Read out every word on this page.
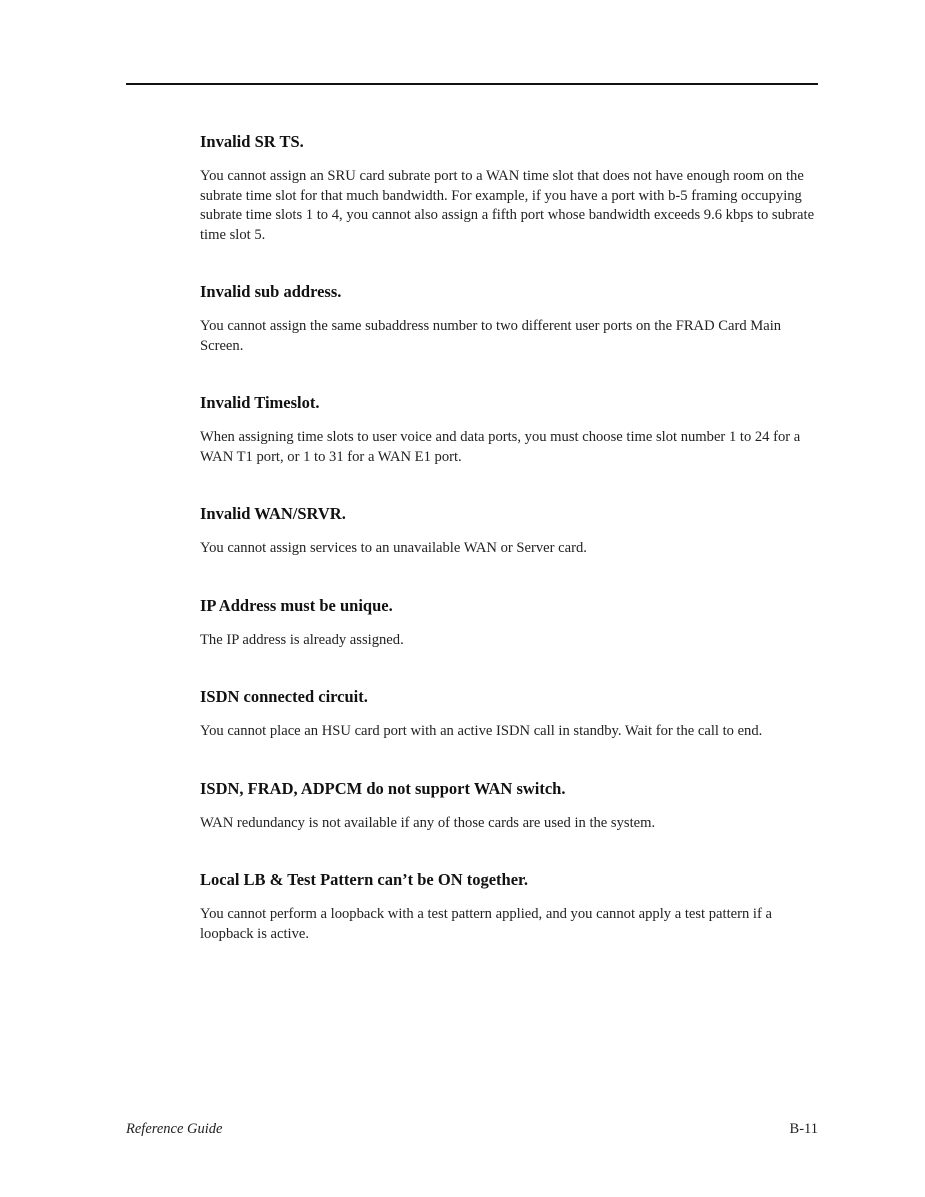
Invalid SR TS.

You cannot assign an SRU card subrate port to a WAN time slot that does not have enough room on the subrate time slot for that much bandwidth. For example, if you have a port with b-5 framing occupying subrate time slots 1 to 4, you cannot also assign a fifth port whose bandwidth exceeds 9.6 kbps to subrate time slot 5.

Invalid sub address.

You cannot assign the same subaddress number to two different user ports on the FRAD Card Main Screen.

Invalid Timeslot.

When assigning time slots to user voice and data ports, you must choose time slot number 1 to 24 for a WAN T1 port, or 1 to 31 for a WAN E1 port.

Invalid WAN/SRVR.

You cannot assign services to an unavailable WAN or Server card.

IP Address must be unique.

The IP address is already assigned.

ISDN connected circuit.

You cannot place an HSU card port with an active ISDN call in standby. Wait for the call to end.

ISDN, FRAD, ADPCM do not support WAN switch.

WAN redundancy is not available if any of those cards are used in the system.

Local LB & Test Pattern can’t be ON together.

You cannot perform a loopback with a test pattern applied, and you cannot apply a test pattern if a loopback is active.

Reference Guide	B-11
